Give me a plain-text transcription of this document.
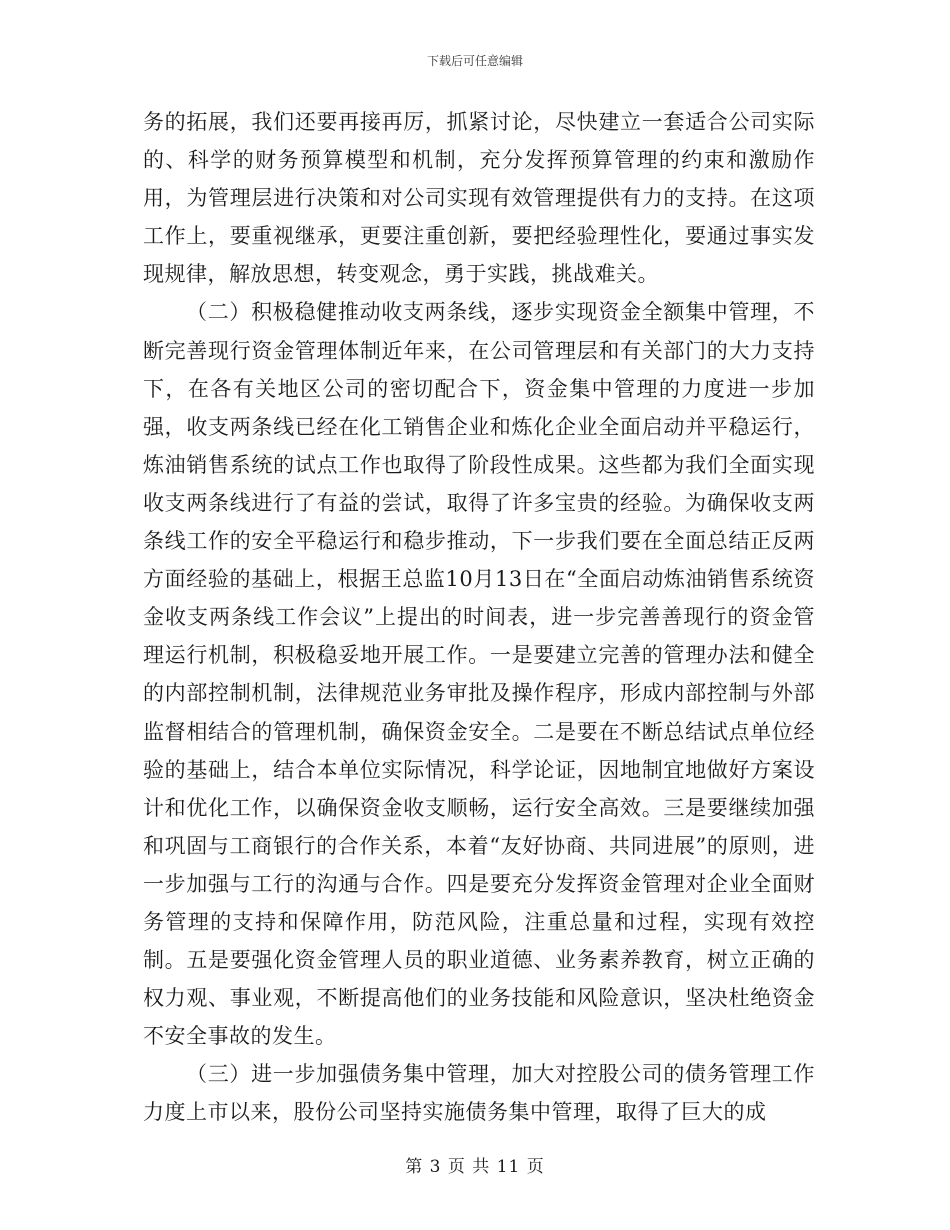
下载后可任意编辑

务的拓展，我们还要再接再厉，抓紧讨论，尽快建立一套适合公司实际的、科学的财务预算模型和机制，充分发挥预算管理的约束和激励作用，为管理层进行决策和对公司实现有效管理提供有力的支持。在这项工作上，要重视继承，更要注重创新，要把经验理性化，要通过事实发现规律，解放思想，转变观念，勇于实践，挑战难关。

（二）积极稳健推动收支两条线，逐步实现资金全额集中管理，不断完善现行资金管理体制近年来，在公司管理层和有关部门的大力支持下，在各有关地区公司的密切配合下，资金集中管理的力度进一步加强，收支两条线已经在化工销售企业和炼化企业全面启动并平稳运行，炼油销售系统的试点工作也取得了阶段性成果。这些都为我们全面实现收支两条线进行了有益的尝试，取得了许多宝贵的经验。为确保收支两条线工作的安全平稳运行和稳步推动，下一步我们要在全面总结正反两方面经验的基础上，根据王总监10月13日在“全面启动炼油销售系统资金收支两条线工作会议”上提出的时间表，进一步完善善现行的资金管理运行机制，积极稳妥地开展工作。一是要建立完善的管理办法和健全的内部控制机制，法律规范业务审批及操作程序，形成内部控制与外部监督相结合的管理机制，确保资金安全。二是要在不断总结试点单位经验的基础上，结合本单位实际情况，科学论证，因地制宜地做好方案设计和优化工作，以确保资金收支顺畅，运行安全高效。三是要继续加强和巩固与工商银行的合作关系，本着“友好协商、共同进展”的原则，进一步加强与工行的沟通与合作。四是要充分发挥资金管理对企业全面财务管理的支持和保障作用，防范风险，注重总量和过程，实现有效控制。五是要强化资金管理人员的职业道德、业务素养教育，树立正确的权力观、事业观，不断提高他们的业务技能和风险意识，坚决杜绝资金不安全事故的发生。

（三）进一步加强债务集中管理，加大对控股公司的债务管理工作力度上市以来，股份公司坚持实施债务集中管理，取得了巨大的成

第 3 页 共 11 页
